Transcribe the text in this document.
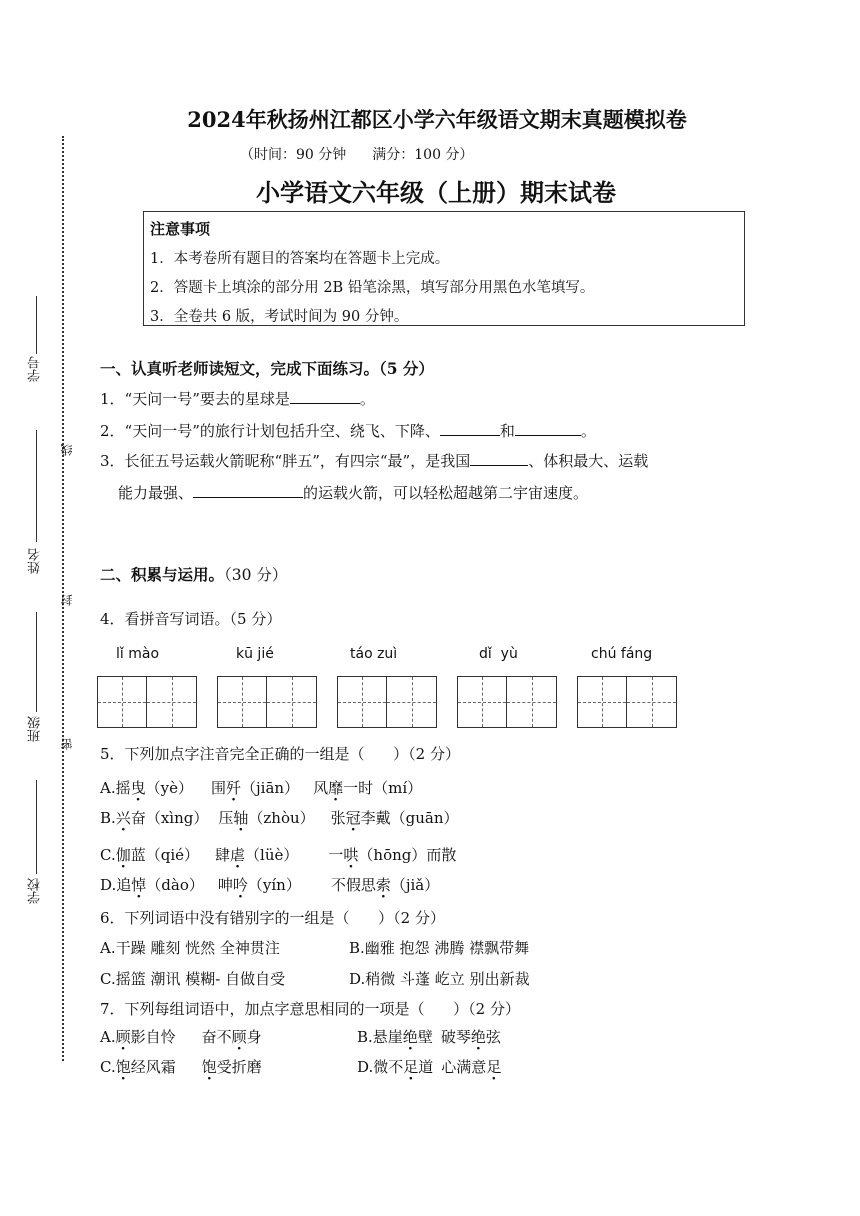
学号
姓名
班级
学校
线
封
密
2024年秋扬州江都区小学六年级语文期末真题模拟卷
（时间：90 分钟 满分：100 分）
小学语文六年级（上册）期末试卷
注意事项
1．本考卷所有题目的答案均在答题卡上完成。
2．答题卡上填涂的部分用 2B 铅笔涂黑，填写部分用黑色水笔填写。
3．全卷共 6 版，考试时间为 90 分钟。
一、认真听老师读短文，完成下面练习。（5 分）
1．“天问一号”要去的星球是	。
2．“天问一号”的旅行计划包括升空、绕飞、下降、	和	。
3．长征五号运载火箭昵称“胖五”，有四宗“最”，是我国	、体积最大、运载
能力最强、	的运载火箭，可以轻松超越第二宇宙速度。
二、积累与运用。（30 分）
4．看拼音写词语。（5 分）
lǐ mào	kū jié	táo zuì	dǐ  yù	chú fáng
5．下列加点字注音完全正确的一组是（      ）（2 分）
A.摇曳（yè） 围歼（jiān） 风靡一时（mí）
B.兴奋（xìng） 压轴（zhòu） 张冠李戴（guān）
C.伽蓝（qié） 肆虐（lüè） 一哄（hōng）而散
D.追悼（dào） 呻吟（yín） 不假思索（jiǎ）
6．下列词语中没有错别字的一组是（      ）（2 分）
A.干躁 雕刻 恍然 全神贯注	B.幽雅 抱怨 沸腾 襟飘带舞
C.摇篮 潮讯 模糊- 自做自受	D.稍微 斗蓬 屹立 别出新裁
7．下列每组词语中，加点字意思相同的一项是（      ）（2 分）
A.顾影自怜 奋不顾身	B.悬崖绝壁 破琴绝弦
C.饱经风霜 饱受折磨	D.微不足道 心满意足
